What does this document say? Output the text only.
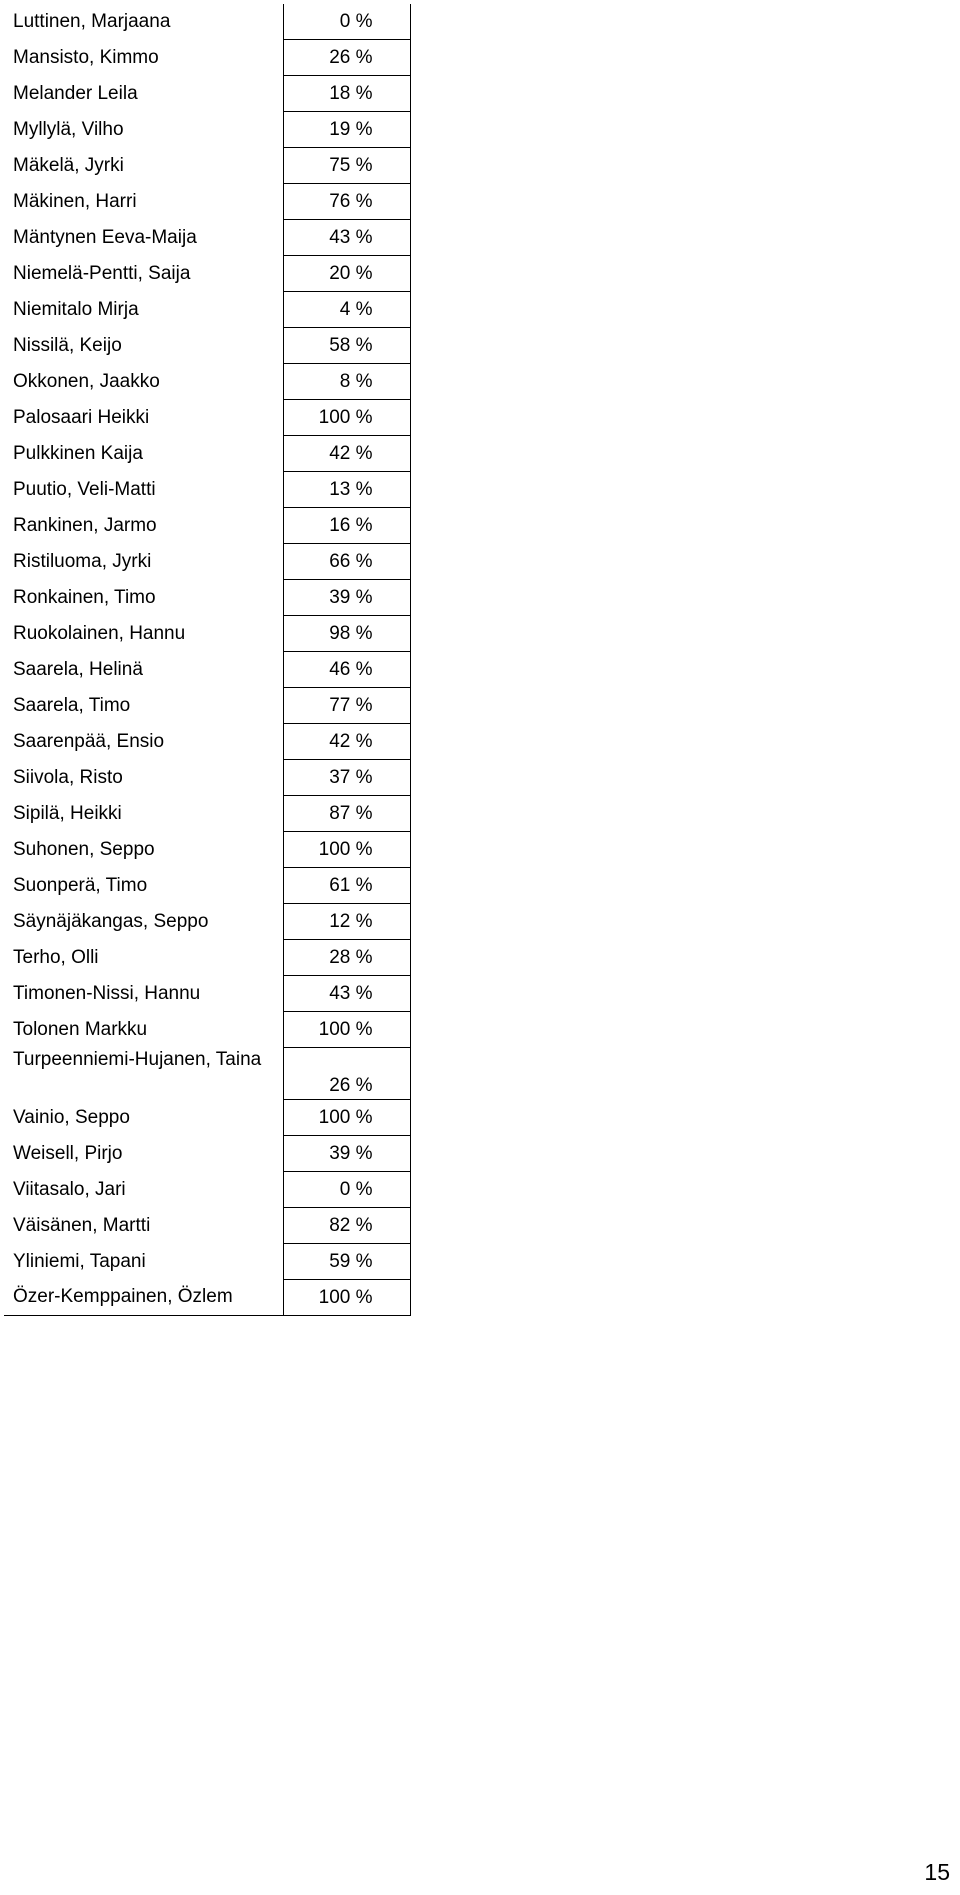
Luttinen, Marjaana	0 %
Mansisto, Kimmo	26 %
Melander Leila	18 %
Myllylä, Vilho	19 %
Mäkelä, Jyrki	75 %
Mäkinen, Harri	76 %
Mäntynen Eeva-Maija	43 %
Niemelä-Pentti, Saija	20 %
Niemitalo Mirja	4 %
Nissilä, Keijo	58 %
Okkonen, Jaakko	8 %
Palosaari Heikki	100 %
Pulkkinen Kaija	42 %
Puutio, Veli-Matti	13 %
Rankinen, Jarmo	16 %
Ristiluoma, Jyrki	66 %
Ronkainen, Timo	39 %
Ruokolainen, Hannu	98 %
Saarela, Helinä	46 %
Saarela, Timo	77 %
Saarenpää, Ensio	42 %
Siivola, Risto	37 %
Sipilä, Heikki	87 %
Suhonen, Seppo	100 %
Suonperä, Timo	61 %
Säynäjäkangas, Seppo	12 %
Terho, Olli	28 %
Timonen-Nissi, Hannu	43 %
Tolonen Markku	100 %
Turpeenniemi-Hujanen, Taina	26 %
Vainio, Seppo	100 %
Weisell, Pirjo	39 %
Viitasalo, Jari	0 %
Väisänen, Martti	82 %
Yliniemi, Tapani	59 %
Özer-Kemppainen, Özlem	100 %
15
